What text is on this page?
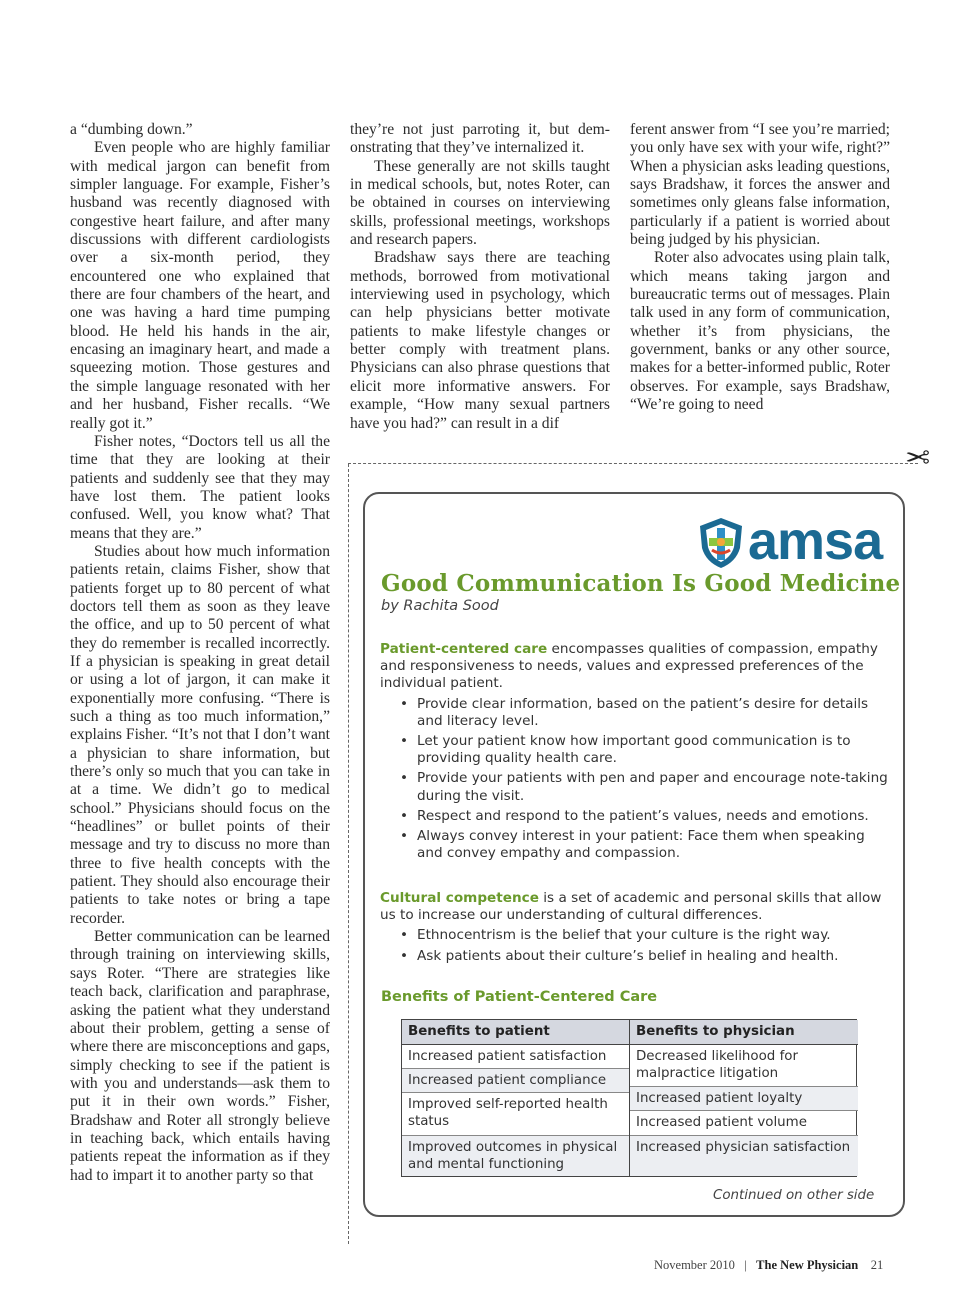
a “dumbing down.”

Even people who are highly familiar with medical jargon can benefit from simpler language. For example, Fisher’s husband was recently diagnosed with congestive heart failure, and after many discussions with different cardiologists over a six-month period, they encountered one who explained that there are four chambers of the heart, and one was having a hard time pumping blood. He held his hands in the air, encasing an imaginary heart, and made a squeezing motion. Those gestures and the simple language resonated with her and her husband, Fisher recalls. “We really got it.”

Fisher notes, “Doctors tell us all the time that they are looking at their patients and suddenly see that they may have lost them. The patient looks confused. Well, you know what? That means that they are.”

Studies about how much information patients retain, claims Fisher, show that patients forget up to 80 percent of what doctors tell them as soon as they leave the office, and up to 50 percent of what they do remember is recalled incorrectly. If a physician is speaking in great detail or using a lot of jargon, it can make it exponentially more confusing. “There is such a thing as too much information,” explains Fisher. “It’s not that I don’t want a physician to share information, but there’s only so much that you can take in at a time. We didn’t go to medical school.” Physicians should focus on the “headlines” or bullet points of their message and try to discuss no more than three to five health concepts with the patient. They should also encourage their patients to take notes or bring a tape recorder.

Better communication can be learned through training on interviewing skills, says Roter. “There are strategies like teach back, clarification and paraphrase, asking the patient what they understand about their problem, getting a sense of where there are misconceptions and gaps, simply checking to see if the patient is with you and understands—ask them to put it in their own words.” Fisher, Bradshaw and Roter all strongly believe in teaching back, which entails having patients repeat the information as if they had to impart it to another party so that

they’re not just parroting it, but demonstrating that they’ve internalized it.

These generally are not skills taught in medical schools, but, notes Roter, can be obtained in courses on interviewing skills, professional meetings, workshops and research papers.

Bradshaw says there are teaching methods, borrowed from motivational interviewing used in psychology, which can help physicians better motivate patients to make lifestyle changes or better comply with treatment plans. Physicians can also phrase questions that elicit more informative answers. For example, “How many sexual partners have you had?” can result in a dif

ferent answer from “I see you’re married; you only have sex with your wife, right?” When a physician asks leading questions, says Bradshaw, it forces the answer and sometimes only gleans false information, particularly if a patient is worried about being judged by his physician.

Roter also advocates using plain talk, which means taking jargon and bureaucratic terms out of messages. Plain talk used in any form of communication, whether it’s from physicians, the government, banks or any other source, makes for a better-informed public, Roter observes. For example, says Bradshaw, “We’re going to need

✂
amsa
Good Communication Is Good Medicine
by Rachita Sood
Patient-centered care encompasses qualities of compassion, empathy and responsiveness to needs, values and expressed preferences of the individual patient.
• Provide clear information, based on the patient’s desire for details and literacy level.
• Let your patient know how important good communication is to providing quality health care.
• Provide your patients with pen and paper and encourage note-taking during the visit.
• Respect and respond to the patient’s values, needs and emotions.
• Always convey interest in your patient: Face them when speaking and convey empathy and compassion.
Cultural competence is a set of academic and personal skills that allow us to increase our understanding of cultural differences.
• Ethnocentrism is the belief that your culture is the right way.
• Ask patients about their culture’s belief in healing and health.
Benefits of Patient-Centered Care
Benefits to patient
Increased patient satisfaction
Increased patient compliance
Improved self-reported health status
Improved outcomes in physical and mental functioning
Benefits to physician
Decreased likelihood for malpractice litigation
Increased patient loyalty
Increased patient volume
Increased physician satisfaction
Continued on other side
November 2010 | The New Physician 21
